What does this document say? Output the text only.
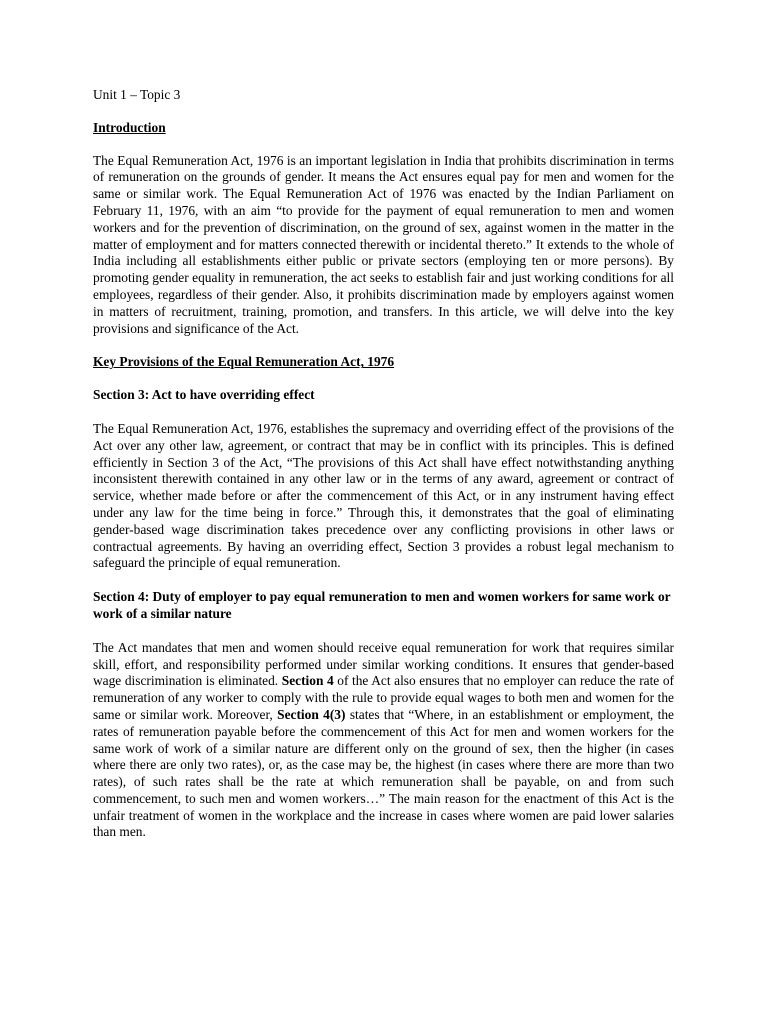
Unit 1 – Topic 3

Introduction

The Equal Remuneration Act, 1976 is an important legislation in India that prohibits discrimination in terms of remuneration on the grounds of gender. It means the Act ensures equal pay for men and women for the same or similar work. The Equal Remuneration Act of 1976 was enacted by the Indian Parliament on February 11, 1976, with an aim “to provide for the payment of equal remuneration to men and women workers and for the prevention of discrimination, on the ground of sex, against women in the matter in the matter of employment and for matters connected therewith or incidental thereto.” It extends to the whole of India including all establishments either public or private sectors (employing ten or more persons). By promoting gender equality in remuneration, the act seeks to establish fair and just working conditions for all employees, regardless of their gender. Also, it prohibits discrimination made by employers against women in matters of recruitment, training, promotion, and transfers. In this article, we will delve into the key provisions and significance of the Act.

Key Provisions of the Equal Remuneration Act, 1976

Section 3: Act to have overriding effect

The Equal Remuneration Act, 1976, establishes the supremacy and overriding effect of the provisions of the Act over any other law, agreement, or contract that may be in conflict with its principles. This is defined efficiently in Section 3 of the Act, “The provisions of this Act shall have effect notwithstanding anything inconsistent therewith contained in any other law or in the terms of any award, agreement or contract of service, whether made before or after the commencement of this Act, or in any instrument having effect under any law for the time being in force.” Through this, it demonstrates that the goal of eliminating gender-based wage discrimination takes precedence over any conflicting provisions in other laws or contractual agreements. By having an overriding effect, Section 3 provides a robust legal mechanism to safeguard the principle of equal remuneration.

Section 4: Duty of employer to pay equal remuneration to men and women workers for same work or work of a similar nature

The Act mandates that men and women should receive equal remuneration for work that requires similar skill, effort, and responsibility performed under similar working conditions. It ensures that gender-based wage discrimination is eliminated. Section 4 of the Act also ensures that no employer can reduce the rate of remuneration of any worker to comply with the rule to provide equal wages to both men and women for the same or similar work. Moreover, Section 4(3) states that “Where, in an establishment or employment, the rates of remuneration payable before the commencement of this Act for men and women workers for the same work of work of a similar nature are different only on the ground of sex, then the higher (in cases where there are only two rates), or, as the case may be, the highest (in cases where there are more than two rates), of such rates shall be the rate at which remuneration shall be payable, on and from such commencement, to such men and women workers…” The main reason for the enactment of this Act is the unfair treatment of women in the workplace and the increase in cases where women are paid lower salaries than men.
